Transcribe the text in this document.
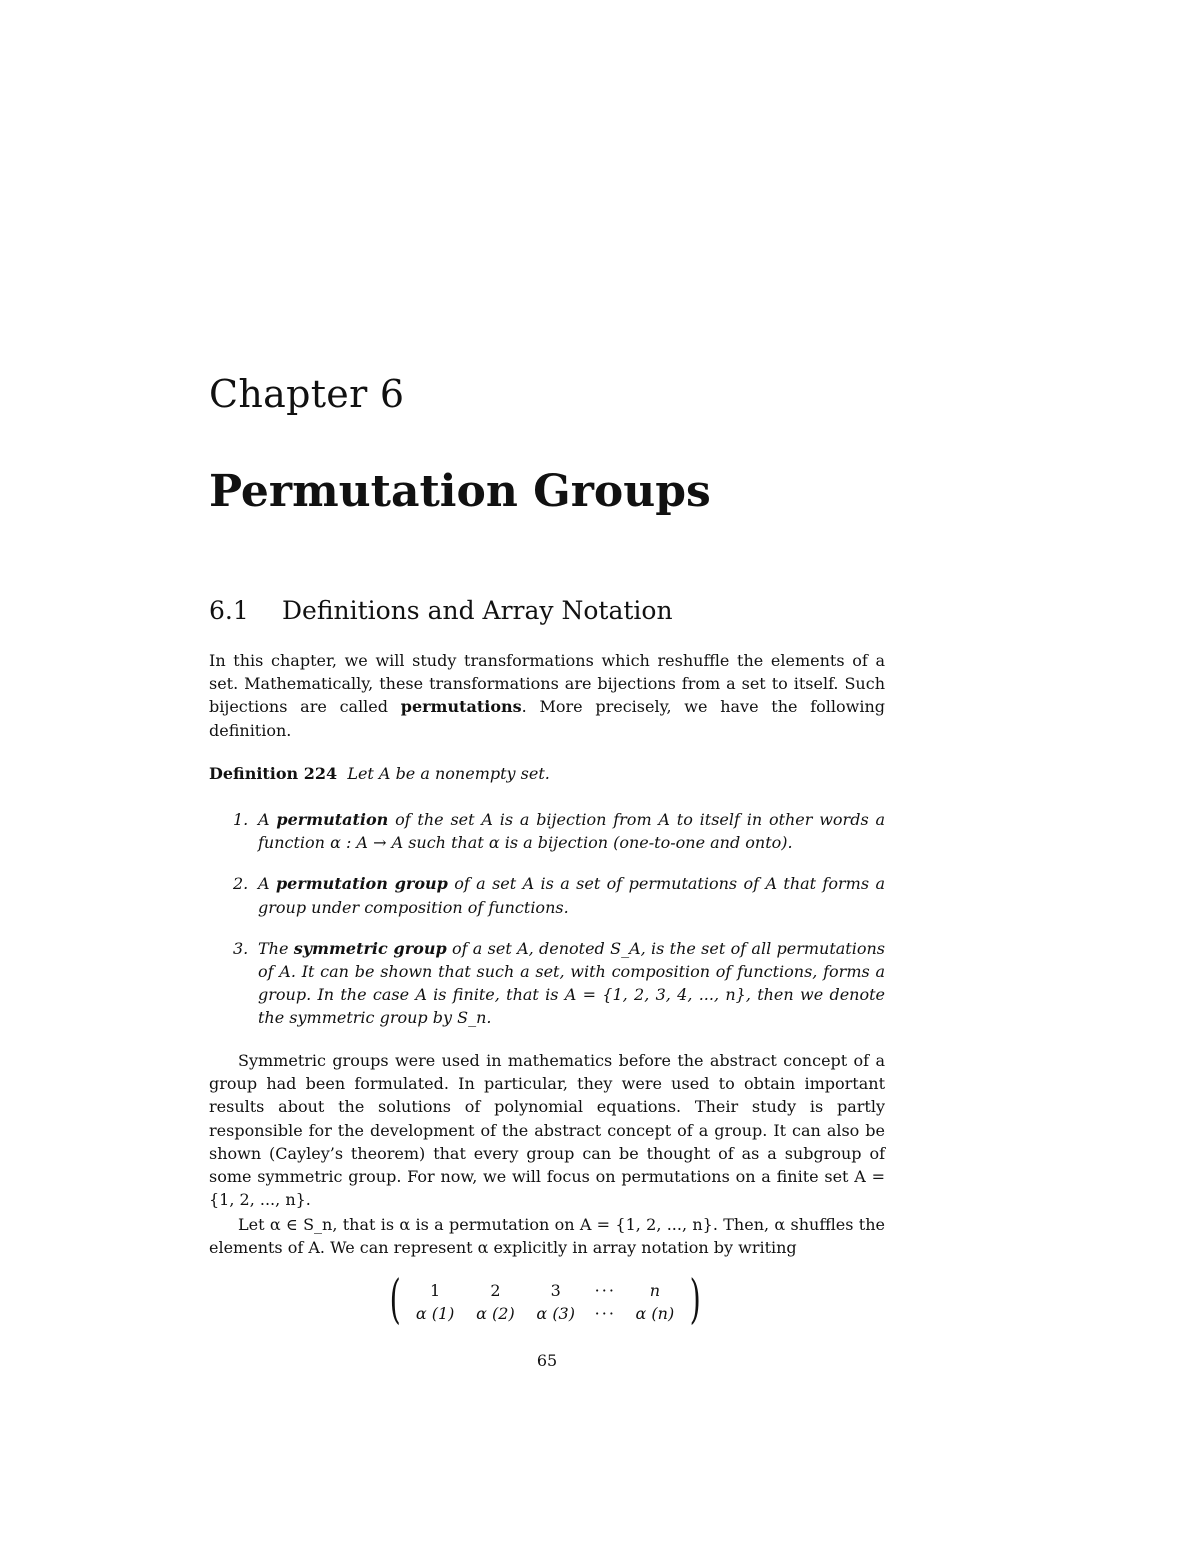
Chapter 6
Permutation Groups
6.1 Definitions and Array Notation
In this chapter, we will study transformations which reshuffle the elements of a set. Mathematically, these transformations are bijections from a set to itself. Such bijections are called permutations. More precisely, we have the following definition.
Definition 224 Let A be a nonempty set.
1. A permutation of the set A is a bijection from A to itself in other words a function α : A → A such that α is a bijection (one-to-one and onto).
2. A permutation group of a set A is a set of permutations of A that forms a group under composition of functions.
3. The symmetric group of a set A, denoted S_A, is the set of all permutations of A. It can be shown that such a set, with composition of functions, forms a group. In the case A is finite, that is A = {1, 2, 3, 4, ..., n}, then we denote the symmetric group by S_n.
Symmetric groups were used in mathematics before the abstract concept of a group had been formulated. In particular, they were used to obtain important results about the solutions of polynomial equations. Their study is partly responsible for the development of the abstract concept of a group. It can also be shown (Cayley’s theorem) that every group can be thought of as a subgroup of some symmetric group. For now, we will focus on permutations on a finite set A = {1, 2, ..., n}.
Let α ∈ S_n, that is α is a permutation on A = {1, 2, ..., n}. Then, α shuffles the elements of A. We can represent α explicitly in array notation by writing
(	1	2	3	···	n
α (1)	α (2)	α (3)	···	α (n) )
65
